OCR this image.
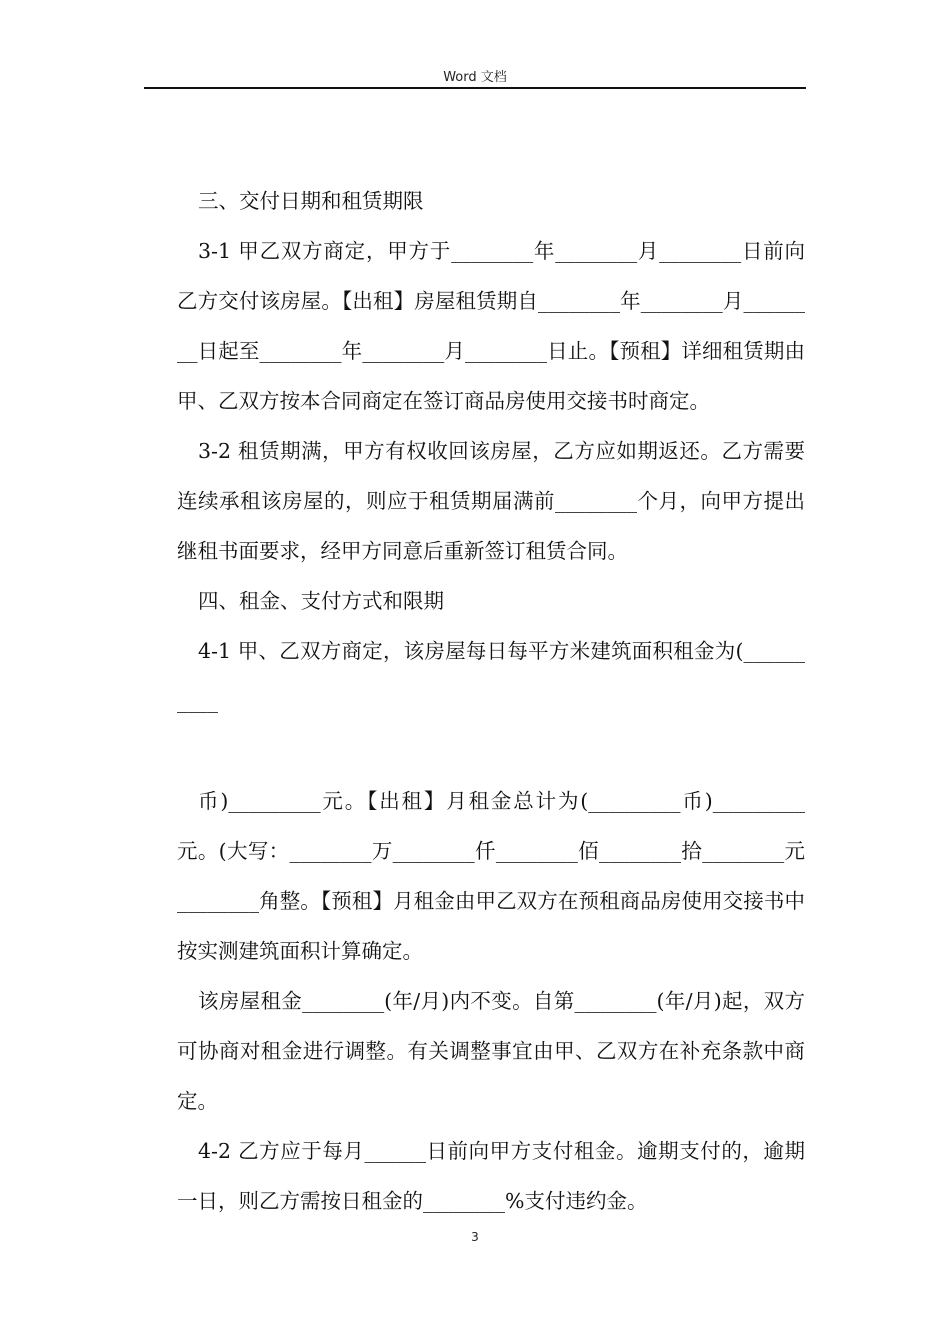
Word 文档

三、交付日期和租赁期限

3-1 甲乙双方商定，甲方于________年________月________日前向乙方交付该房屋。【出租】房屋租赁期自________年________月________日起至________年________月________日止。【预租】详细租赁期由甲、乙双方按本合同商定在签订商品房使用交接书时商定。

3-2 租赁期满，甲方有权收回该房屋，乙方应如期返还。乙方需要连续承租该房屋的，则应于租赁期届满前________个月，向甲方提出继租书面要求，经甲方同意后重新签订租赁合同。

四、租金、支付方式和限期

4-1 甲、乙双方商定，该房屋每日每平方米建筑面积租金为(__________

币)_________元。【出租】月租金总计为(_________币)_________元。(大写：________万________仟________佰________拾________元________角整。【预租】月租金由甲乙双方在预租商品房使用交接书中按实测建筑面积计算确定。

该房屋租金________(年/月)内不变。自第________(年/月)起，双方可协商对租金进行调整。有关调整事宜由甲、乙双方在补充条款中商定。

4-2 乙方应于每月______日前向甲方支付租金。逾期支付的，逾期一日，则乙方需按日租金的________%支付违约金。

3
